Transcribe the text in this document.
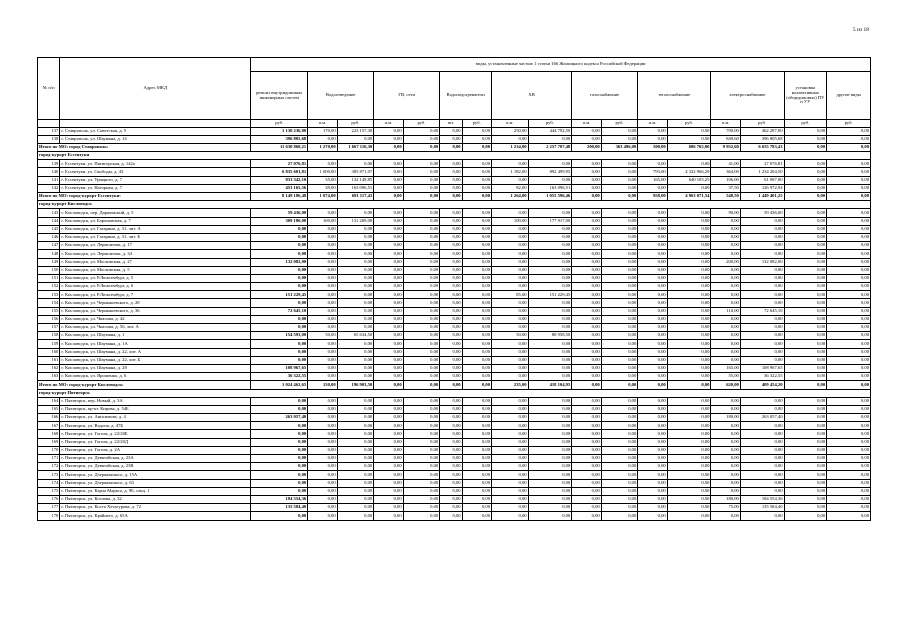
5 из 18
№ п/п	Адрес МКД	виды, установленные частью 1 статьи 166 Жилищного кодекса Российской Федерации																
		ремонт внутридомовых инженерных систем	Водоотведение		ГВ, сети		Водоподогреватели		ХВ		газоснабжение		теплоснабжение		электроснабжение		установка коллективных (общедомовых) ПУ и УУ	другие виды
		руб.	п.м.	руб.	п.м.	руб.	шт.	руб.	п.м.	руб.	п.м.	руб.	п.м.	руб.	п.м.	руб.	руб.	руб.
137	г. Ставрополь, ул. Советская, д. 5	1 130 236,80	170,00	223 157,30	0,00	0,00	0,00	0,00	250,00	444 792,50	0,00	0,00	0,00	0,00	700,00	462 287,00	0,00	0,00
138	г. Ставрополь, ул. Шаумяна, д. 14	396 805,68	0,00	0,00	0,00	0,00	0,00	0,00	0,00	0,00	0,00	0,00	0,00	0,00	849,60	396 805,68	0,00	0,00
Итого по МО: город Ставрополь:		11 630 868,21	1 270,00	1 667 116,30	0,00	0,00	0,00	0,00	1 234,00	2 257 707,48	200,00	363 496,00	500,00	686 765,00	9 952,60	6 655 783,43	0,00	0,00
город-курорт Ессентуки																		
139	г. Ессентуки, ул. Пятигорская, д. 142а	27 076,81	0,00	0,00	0,00	0,00	0,00	0,00	0,00	0,00	0,00	0,00	0,00	0,00	41,00	27 076,81	0,00	0,00
140	г. Ессентуки, ул. Свободы, д. 43	6 835 601,81	1 000,00	385 871,07	0,00	0,00	0,00	0,00	1 182,00	892 499,95	0,00	0,00	793,00	4 322 966,29	364,00	1 234 264,50	0,00	0,00
141	г. Ессентуки, ул. Урицкого, д. 7	833 342,10	35,00	132 149,85	0,00	0,00	0,00	0,00	0,00	0,00	0,00	0,00	165,00	640 105,25	106,00	61 087,00	0,00	0,00
142	г. Ессентуки, ул. Нагорная, д. 7	453 165,56	39,00	163 096,51	0,00	0,00	0,00	0,00	82,00	163 096,51	0,00	0,00	0,00	0,00	37,50	126 972,94	0,00	0,00
Итого по МО: город-курорт Ессентуки:		8 149 186,48	1 074,00	681 117,43	0,00	0,00	0,00	0,00	1 264,00	1 055 596,46	0,00	0,00	958,00	4 963 071,54	548,50	1 449 401,25	0,00	0,00
город-курорт Кисловодск																		
143	г. Кисловодск, пер. Даржинский, д. 5	59 436,00	0,00	0,00	0,00	0,00	0,00	0,00	0,00	0,00	0,00	0,00	0,00	0,00	90,00	59 436,00	0,00	0,00
144	г. Кисловодск, ул. Бароновская, д. 7	309 186,00	100,00	131 269,00	0,00	0,00	0,00	0,00	100,00	177 917,00	0,00	0,00	0,00	0,00	0,00	0,00	0,00	0,00
145	г. Кисловодск, ул. Гагарина, д. 31, лит. А	0,00	0,00	0,00	0,00	0,00	0,00	0,00	0,00	0,00	0,00	0,00	0,00	0,00	0,00	0,00	0,00	0,00
146	г. Кисловодск, ул. Гагарина, д. 31, лит. Б	0,00	0,00	0,00	0,00	0,00	0,00	0,00	0,00	0,00	0,00	0,00	0,00	0,00	0,00	0,00	0,00	0,00
147	г. Кисловодск, ул. Лермонтова, д. 17	0,00	0,00	0,00	0,00	0,00	0,00	0,00	0,00	0,00	0,00	0,00	0,00	0,00	0,00	0,00	0,00	0,00
148	г. Кисловодск, ул. Лермонтова, д. 34	0,00	0,00	0,00	0,00	0,00	0,00	0,00	0,00	0,00	0,00	0,00	0,00	0,00	0,00	0,00	0,00	0,00
149	г. Кисловодск, ул. Московская, д. 27	132 082,00	0,00	0,00	0,00	0,00	0,00	0,00	0,00	0,00	0,00	0,00	0,00	0,00	200,00	132 082,00	0,00	0,00
150	г. Кисловодск, ул. Московская, д. 5	0,00	0,00	0,00	0,00	0,00	0,00	0,00	0,00	0,00	0,00	0,00	0,00	0,00	0,00	0,00	0,00	0,00
151	г. Кисловодск, ул. Р.Люксембург, д. 5	0,00	0,00	0,00	0,00	0,00	0,00	0,00	0,00	0,00	0,00	0,00	0,00	0,00	0,00	0,00	0,00	0,00
152	г. Кисловодск, ул. Р.Люксембург, д. 6	0,00	0,00	0,00	0,00	0,00	0,00	0,00	0,00	0,00	0,00	0,00	0,00	0,00	0,00	0,00	0,00	0,00
153	г. Кисловодск, ул. Р.Люксембург, д. 7	151 229,45	0,00	0,00	0,00	0,00	0,00	0,00	85,00	151 229,45	0,00	0,00	0,00	0,00	0,00	0,00	0,00	0,00
154	г. Кисловодск, ул. Чернышевского, д. 28	0,00	0,00	0,00	0,00	0,00	0,00	0,00	0,00	0,00	0,00	0,00	0,00	0,00	0,00	0,00	0,00	0,00
155	г. Кисловодск, ул. Чернышевского, д. 36	72 645,10	0,00	0,00	0,00	0,00	0,00	0,00	0,00	0,00	0,00	0,00	0,00	0,00	110,00	72 645,10	0,00	0,00
156	г. Кисловодск, ул. Чкалова, д. 42	0,00	0,00	0,00	0,00	0,00	0,00	0,00	0,00	0,00	0,00	0,00	0,00	0,00	0,00	0,00	0,00	0,00
157	г. Кисловодск, ул. Чкалова, д. 56, лит. А	0,00	0,00	0,00	0,00	0,00	0,00	0,00	0,00	0,00	0,00	0,00	0,00	0,00	0,00	0,00	0,00	0,00
158	г. Кисловодск, ул. Шаумяна, д. 1	154 593,00	50,00	65 634,50	0,00	0,00	0,00	0,00	50,00	88 958,50	0,00	0,00	0,00	0,00	0,00	0,00	0,00	0,00
159	г. Кисловодск, ул. Шаумяна, д. 1А	0,00	0,00	0,00	0,00	0,00	0,00	0,00	0,00	0,00	0,00	0,00	0,00	0,00	0,00	0,00	0,00	0,00
160	г. Кисловодск, ул. Шаумяна, д. 22, лит. А	0,00	0,00	0,00	0,00	0,00	0,00	0,00	0,00	0,00	0,00	0,00	0,00	0,00	0,00	0,00	0,00	0,00
161	г. Кисловодск, ул. Шаумяна, д. 22, лит. Б	0,00	0,00	0,00	0,00	0,00	0,00	0,00	0,00	0,00	0,00	0,00	0,00	0,00	0,00	0,00	0,00	0,00
162	г. Кисловодск, ул. Шаумяна, д. 28	108 967,65	0,00	0,00	0,00	0,00	0,00	0,00	0,00	0,00	0,00	0,00	0,00	0,00	165,00	108 967,65	0,00	0,00
163	г. Кисловодск, ул. Ярошенко, д. 6	36 322,55	0,00	0,00	0,00	0,00	0,00	0,00	0,00	0,00	0,00	0,00	0,00	0,00	55,00	36 322,55	0,00	0,00
Итого по МО: город-курорт Кисловодск:		1 024 462,65	150,00	196 903,50	0,00	0,00	0,00	0,00	235,00	418 104,95	0,00	0,00	0,00	0,00	620,00	409 454,20	0,00	0,00
город-курорт Пятигорск																		
164	г. Пятигорск, пер. Новый, д. 3А	0,00	0,00	0,00	0,00	0,00	0,00	0,00	0,00	0,00	0,00	0,00	0,00	0,00	0,00	0,00	0,00	0,00
165	г. Пятигорск, пр-кт. Кирова, д. 54Б	0,00	0,00	0,00	0,00	0,00	0,00	0,00	0,00	0,00	0,00	0,00	0,00	0,00	0,00	0,00	0,00	0,00
166	г. Пятигорск, ул. Анисимова, д. 4	263 057,40	0,00	0,00	0,00	0,00	0,00	0,00	0,00	0,00	0,00	0,00	0,00	0,00	180,00	263 057,40	0,00	0,00
167	г. Пятигорск, ул. Водопа, д. 47Б	0,00	0,00	0,00	0,00	0,00	0,00	0,00	0,00	0,00	0,00	0,00	0,00	0,00	0,00	0,00	0,00	0,00
168	г. Пятигорск, ул. Гоголя, д. 22/20Б	0,00	0,00	0,00	0,00	0,00	0,00	0,00	0,00	0,00	0,00	0,00	0,00	0,00	0,00	0,00	0,00	0,00
169	г. Пятигорск, ул. Гоголя, д. 22/20Д	0,00	0,00	0,00	0,00	0,00	0,00	0,00	0,00	0,00	0,00	0,00	0,00	0,00	0,00	0,00	0,00	0,00
170	г. Пятигорск, ул. Гоголя, д. 2А	0,00	0,00	0,00	0,00	0,00	0,00	0,00	0,00	0,00	0,00	0,00	0,00	0,00	0,00	0,00	0,00	0,00
171	г. Пятигорск, ул. Девятайская, д. 23А	0,00	0,00	0,00	0,00	0,00	0,00	0,00	0,00	0,00	0,00	0,00	0,00	0,00	0,00	0,00	0,00	0,00
172	г. Пятигорск, ул. Девятайская, д. 23В	0,00	0,00	0,00	0,00	0,00	0,00	0,00	0,00	0,00	0,00	0,00	0,00	0,00	0,00	0,00	0,00	0,00
173	г. Пятигорск, ул. Дзержинского, д. 15А	0,00	0,00	0,00	0,00	0,00	0,00	0,00	0,00	0,00	0,00	0,00	0,00	0,00	0,00	0,00	0,00	0,00
174	г. Пятигорск, ул. Дзержинского, д. 63	0,00	0,00	0,00	0,00	0,00	0,00	0,00	0,00	0,00	0,00	0,00	0,00	0,00	0,00	0,00	0,00	0,00
175	г. Пятигорск, ул. Карла Маркса, д. 9Б, секц. 1	0,00	0,00	0,00	0,00	0,00	0,00	0,00	0,00	0,00	0,00	0,00	0,00	0,00	0,00	0,00	0,00	0,00
176	г. Пятигорск, ул. Козлова, д. 32	184 554,36	0,00	0,00	0,00	0,00	0,00	0,00	0,00	0,00	0,00	0,00	0,00	0,00	180,00	184 554,36	0,00	0,00
177	г. Пятигорск, ул. Коста Хетагурова, д. 72	135 584,40	0,00	0,00	0,00	0,00	0,00	0,00	0,00	0,00	0,00	0,00	0,00	0,00	75,00	135 584,40	0,00	0,00
178	г. Пятигорск, ул. Крайнего, д. 65А	0,00	0,00	0,00	0,00	0,00	0,00	0,00	0,00	0,00	0,00	0,00	0,00	0,00	0,00	0,00	0,00	0,00
